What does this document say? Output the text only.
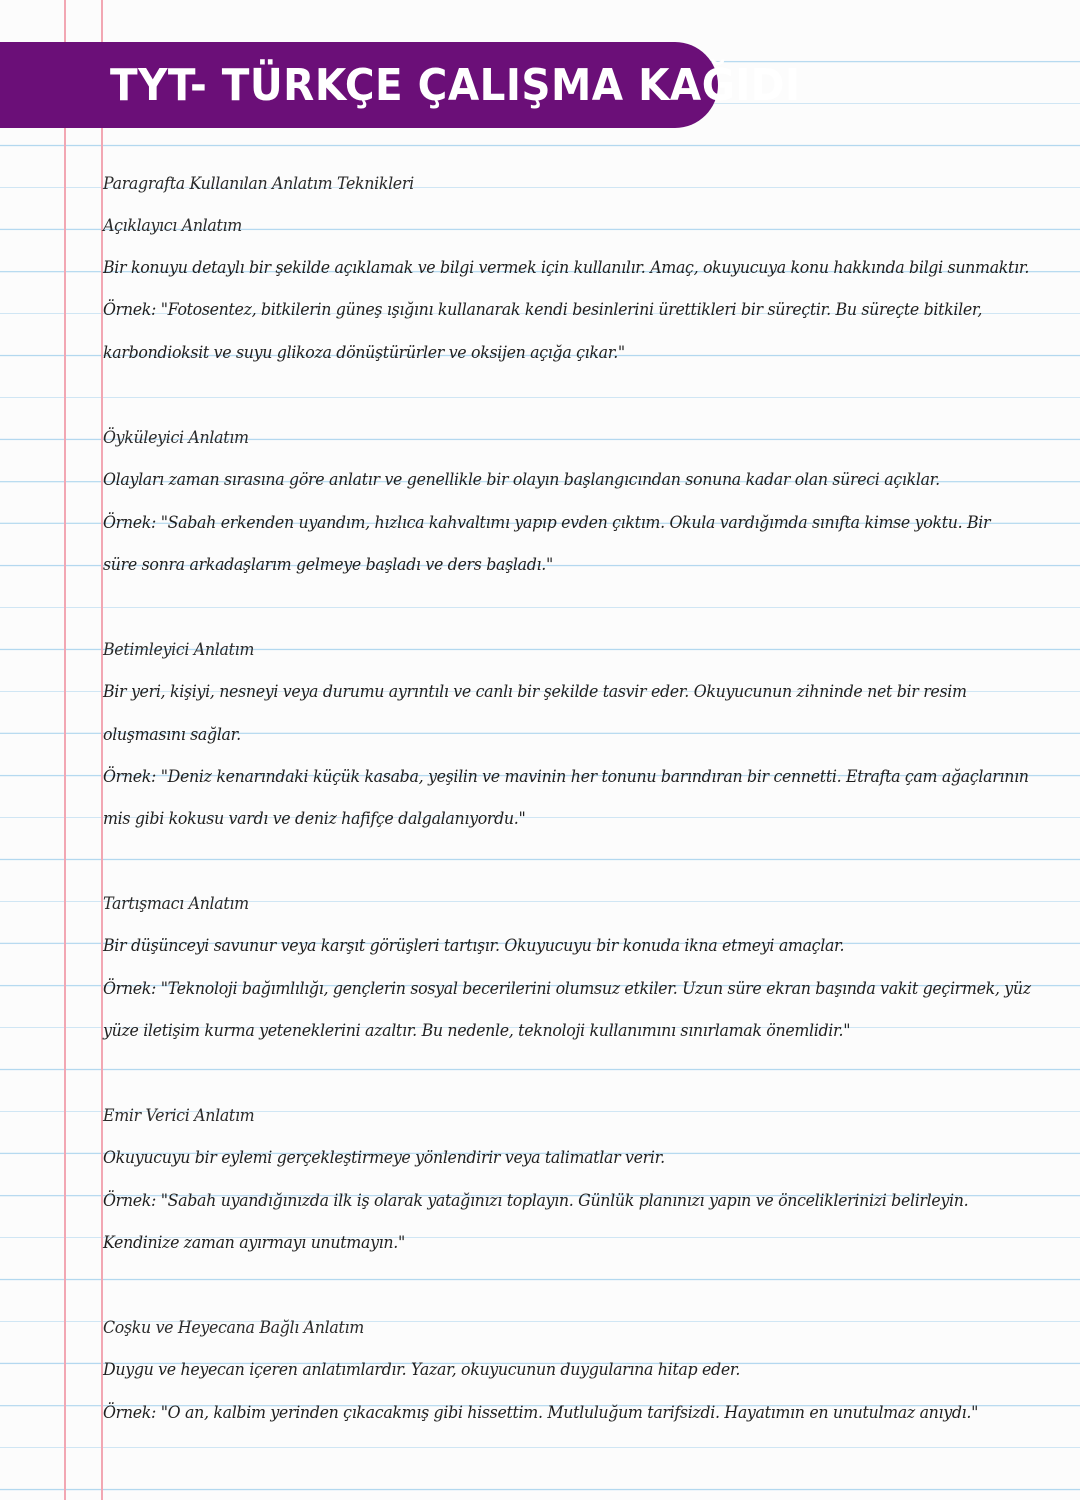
TYT- TÜRKÇE ÇALIŞMA KAĞIDI
Paragrafta Kullanılan Anlatım Teknikleri
Açıklayıcı Anlatım
Bir konuyu detaylı bir şekilde açıklamak ve bilgi vermek için kullanılır. Amaç, okuyucuya konu hakkında bilgi sunmaktır.
Örnek: "Fotosentez, bitkilerin güneş ışığını kullanarak kendi besinlerini ürettikleri bir süreçtir. Bu süreçte bitkiler,
karbondioksit ve suyu glikoza dönüştürürler ve oksijen açığa çıkar."
Öyküleyici Anlatım
Olayları zaman sırasına göre anlatır ve genellikle bir olayın başlangıcından sonuna kadar olan süreci açıklar.
Örnek: "Sabah erkenden uyandım, hızlıca kahvaltımı yapıp evden çıktım. Okula vardığımda sınıfta kimse yoktu. Bir
süre sonra arkadaşlarım gelmeye başladı ve ders başladı."
Betimleyici Anlatım
Bir yeri, kişiyi, nesneyi veya durumu ayrıntılı ve canlı bir şekilde tasvir eder. Okuyucunun zihninde net bir resim
oluşmasını sağlar.
Örnek: "Deniz kenarındaki küçük kasaba, yeşilin ve mavinin her tonunu barındıran bir cennetti. Etrafta çam ağaçlarının
mis gibi kokusu vardı ve deniz hafifçe dalgalanıyordu."
Tartışmacı Anlatım
Bir düşünceyi savunur veya karşıt görüşleri tartışır. Okuyucuyu bir konuda ikna etmeyi amaçlar.
Örnek: "Teknoloji bağımlılığı, gençlerin sosyal becerilerini olumsuz etkiler. Uzun süre ekran başında vakit geçirmek, yüz
yüze iletişim kurma yeteneklerini azaltır. Bu nedenle, teknoloji kullanımını sınırlamak önemlidir."
Emir Verici Anlatım
Okuyucuyu bir eylemi gerçekleştirmeye yönlendirir veya talimatlar verir.
Örnek: "Sabah uyandığınızda ilk iş olarak yatağınızı toplayın. Günlük planınızı yapın ve önceliklerinizi belirleyin.
Kendinize zaman ayırmayı unutmayın."
Coşku ve Heyecana Bağlı Anlatım
Duygu ve heyecan içeren anlatımlardır. Yazar, okuyucunun duygularına hitap eder.
Örnek: "O an, kalbim yerinden çıkacakmış gibi hissettim. Mutluluğum tarifsizdi. Hayatımın en unutulmaz anıydı."
